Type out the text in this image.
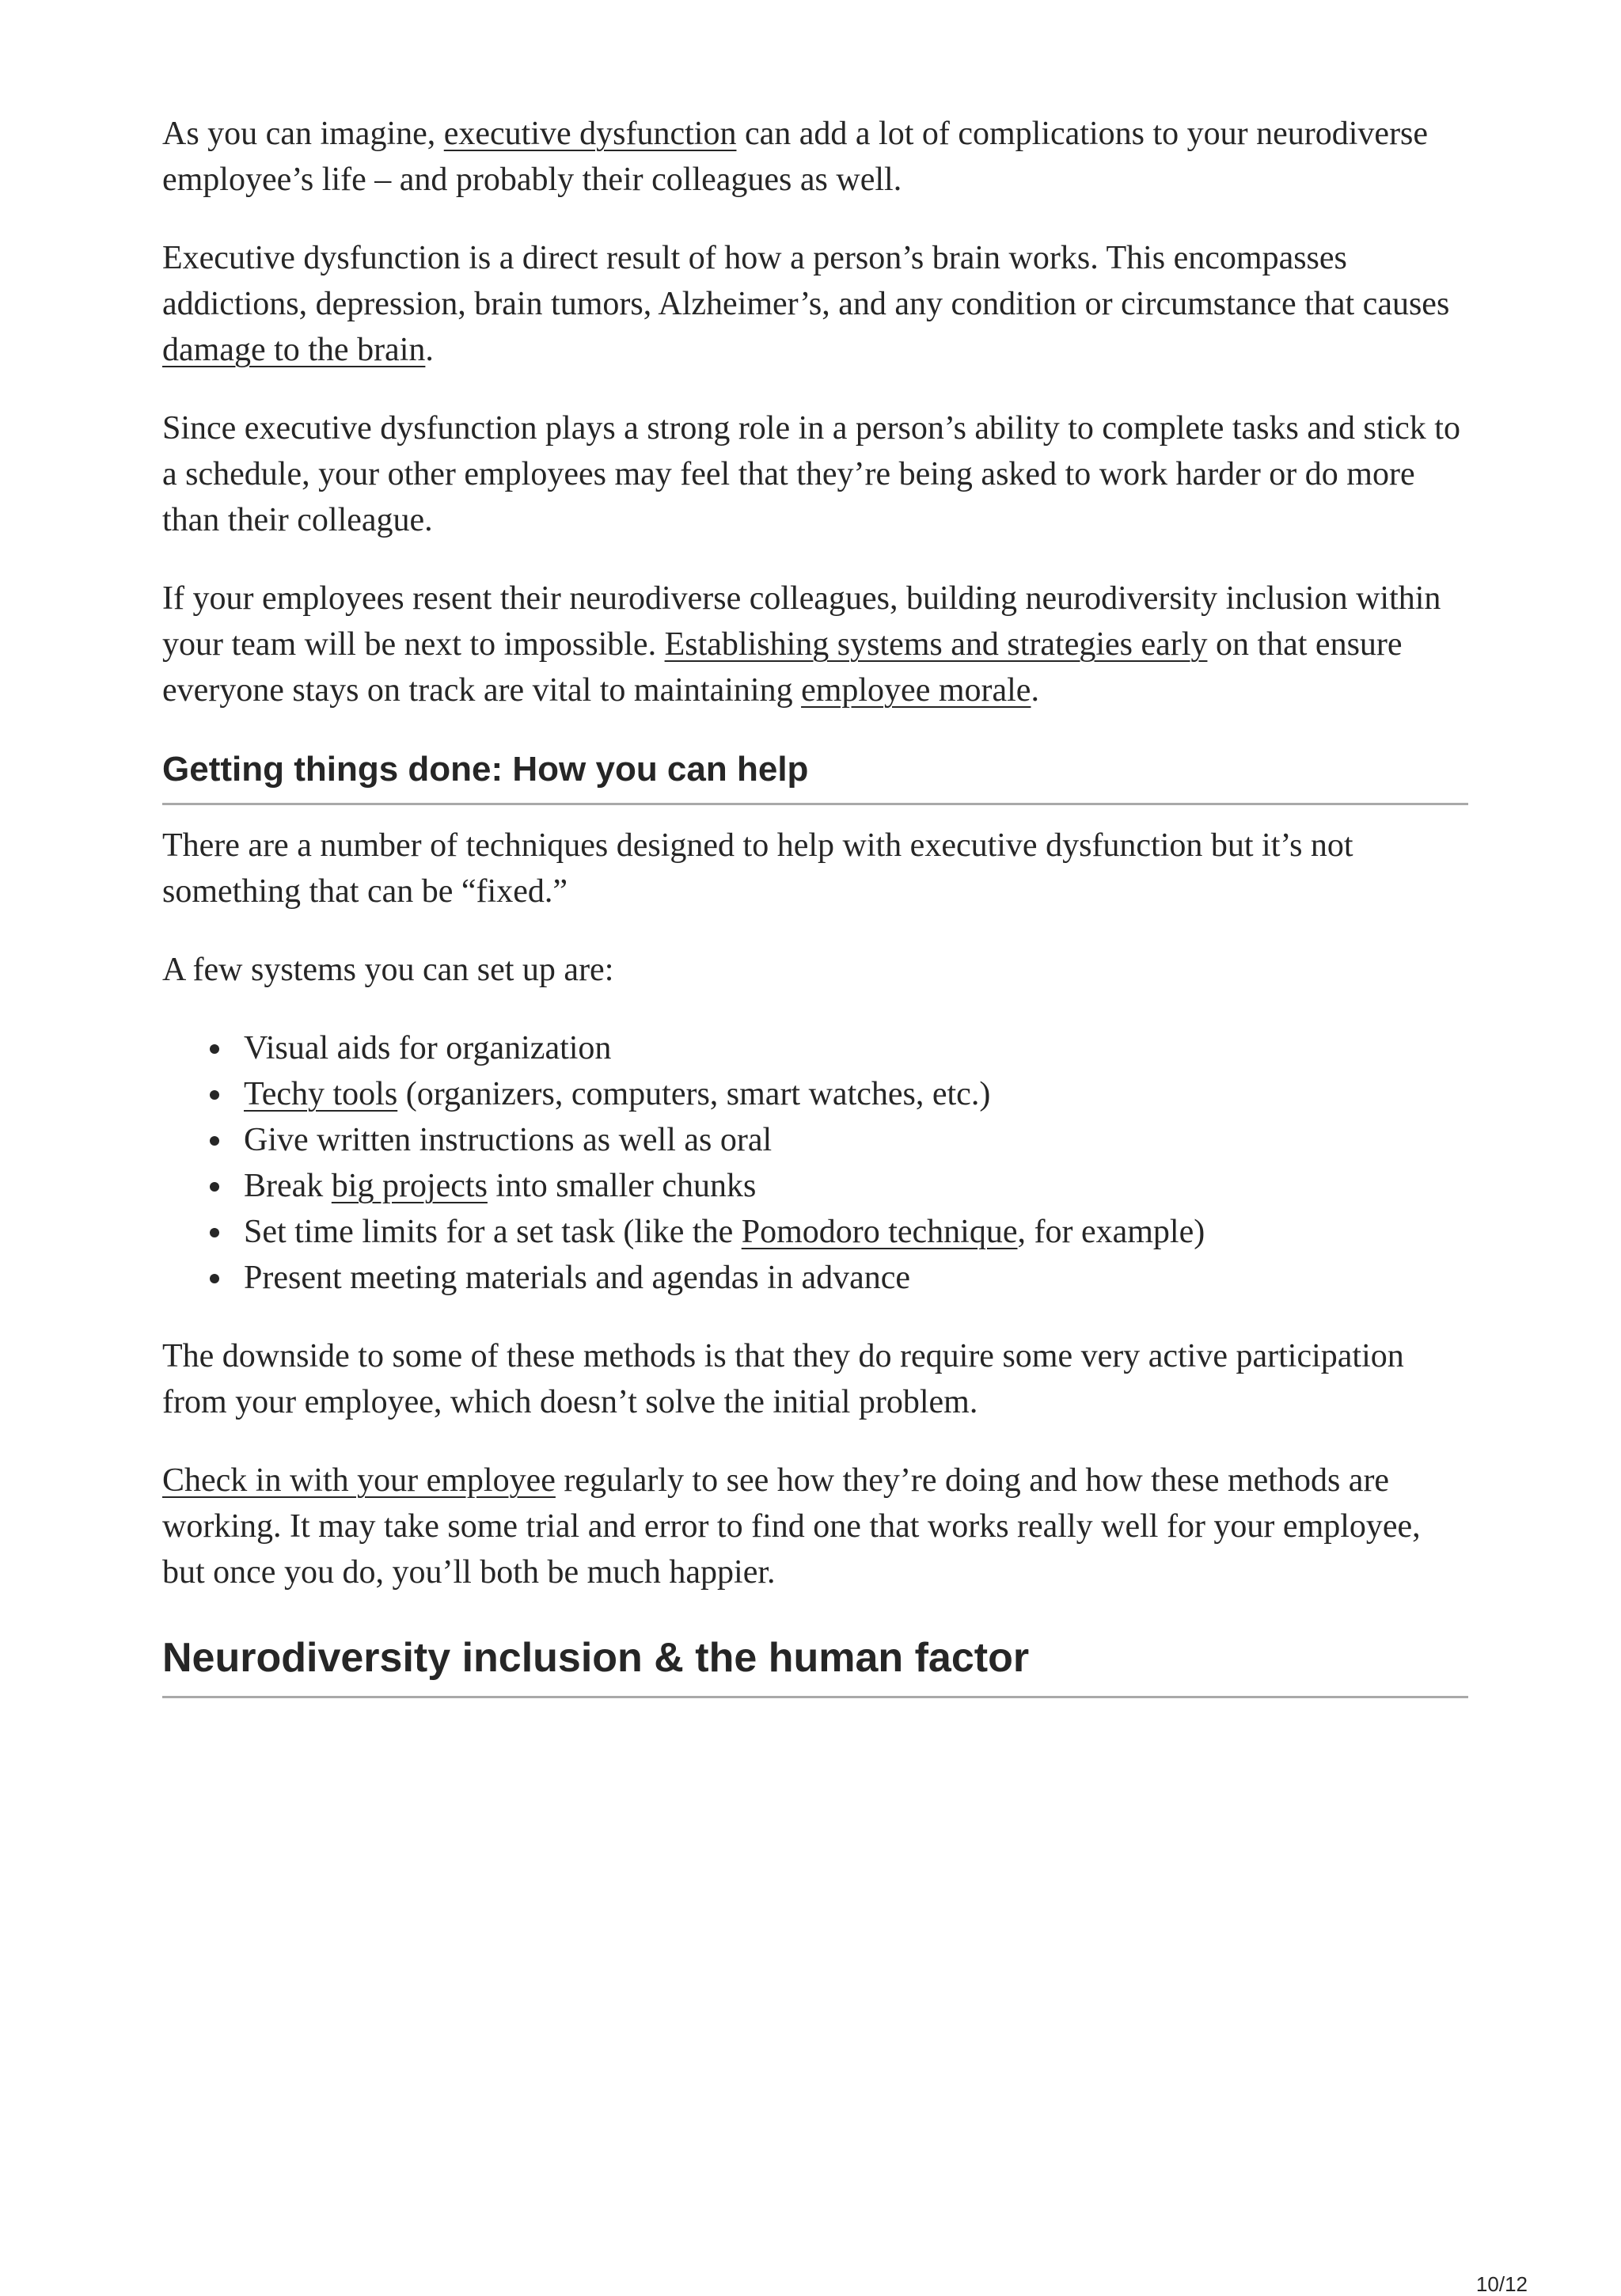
As you can imagine, executive dysfunction can add a lot of complications to your neurodiverse employee’s life – and probably their colleagues as well.

Executive dysfunction is a direct result of how a person’s brain works. This encompasses addictions, depression, brain tumors, Alzheimer’s, and any condition or circumstance that causes damage to the brain.

Since executive dysfunction plays a strong role in a person’s ability to complete tasks and stick to a schedule, your other employees may feel that they’re being asked to work harder or do more than their colleague.

If your employees resent their neurodiverse colleagues, building neurodiversity inclusion within your team will be next to impossible. Establishing systems and strategies early on that ensure everyone stays on track are vital to maintaining employee morale.

Getting things done: How you can help

There are a number of techniques designed to help with executive dysfunction but it’s not something that can be “fixed.”

A few systems you can set up are:

Visual aids for organization
Techy tools (organizers, computers, smart watches, etc.)
Give written instructions as well as oral
Break big projects into smaller chunks
Set time limits for a set task (like the Pomodoro technique, for example)
Present meeting materials and agendas in advance

The downside to some of these methods is that they do require some very active participation from your employee, which doesn’t solve the initial problem.

Check in with your employee regularly to see how they’re doing and how these methods are working. It may take some trial and error to find one that works really well for your employee, but once you do, you’ll both be much happier.

Neurodiversity inclusion & the human factor
10/12
